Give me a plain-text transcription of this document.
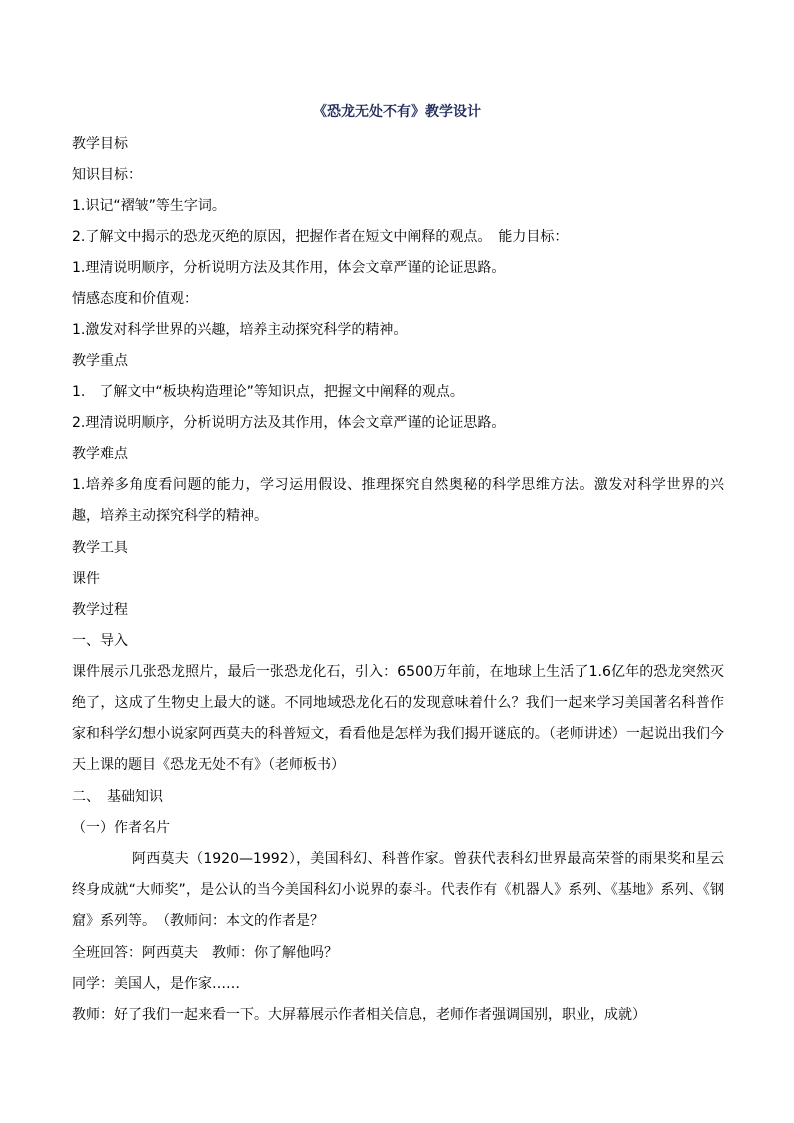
《恐龙无处不有》教学设计
教学目标
知识目标：
1.识记“褶皱”等生字词。
2.了解文中揭示的恐龙灭绝的原因，把握作者在短文中阐释的观点。　能力目标：
1.理清说明顺序，分析说明方法及其作用，体会文章严谨的论证思路。
情感态度和价值观：
1.激发对科学世界的兴趣，培养主动探究科学的精神。
教学重点
1.　了解文中“板块构造理论”等知识点，把握文中阐释的观点。
2.理清说明顺序，分析说明方法及其作用，体会文章严谨的论证思路。
教学难点
1.培养多角度看问题的能力，学习运用假设、推理探究自然奥秘的科学思维方法。激发对科学世界的兴趣，培养主动探究科学的精神。
教学工具
课件
教学过程
一、导入
课件展示几张恐龙照片，最后一张恐龙化石，引入：6500万年前，在地球上生活了1.6亿年的恐龙突然灭绝了，这成了生物史上最大的谜。不同地域恐龙化石的发现意味着什么？我们一起来学习美国著名科普作家和科学幻想小说家阿西莫夫的科普短文，看看他是怎样为我们揭开谜底的。（老师讲述）一起说出我们今天上课的题目《恐龙无处不有》（老师板书）
二、　基础知识
（一）作者名片
阿西莫夫（1920—1992），美国科幻、科普作家。曾获代表科幻世界最高荣誉的雨果奖和星云终身成就“大师奖”，是公认的当今美国科幻小说界的泰斗。代表作有《机器人》系列、《基地》系列、《钢窟》系列等。　（教师问：本文的作者是？
全班回答：阿西莫夫　教师：你了解他吗？
同学：美国人，是作家……
教师：好了我们一起来看一下。大屏幕展示作者相关信息，老师作者强调国别，职业，成就）
